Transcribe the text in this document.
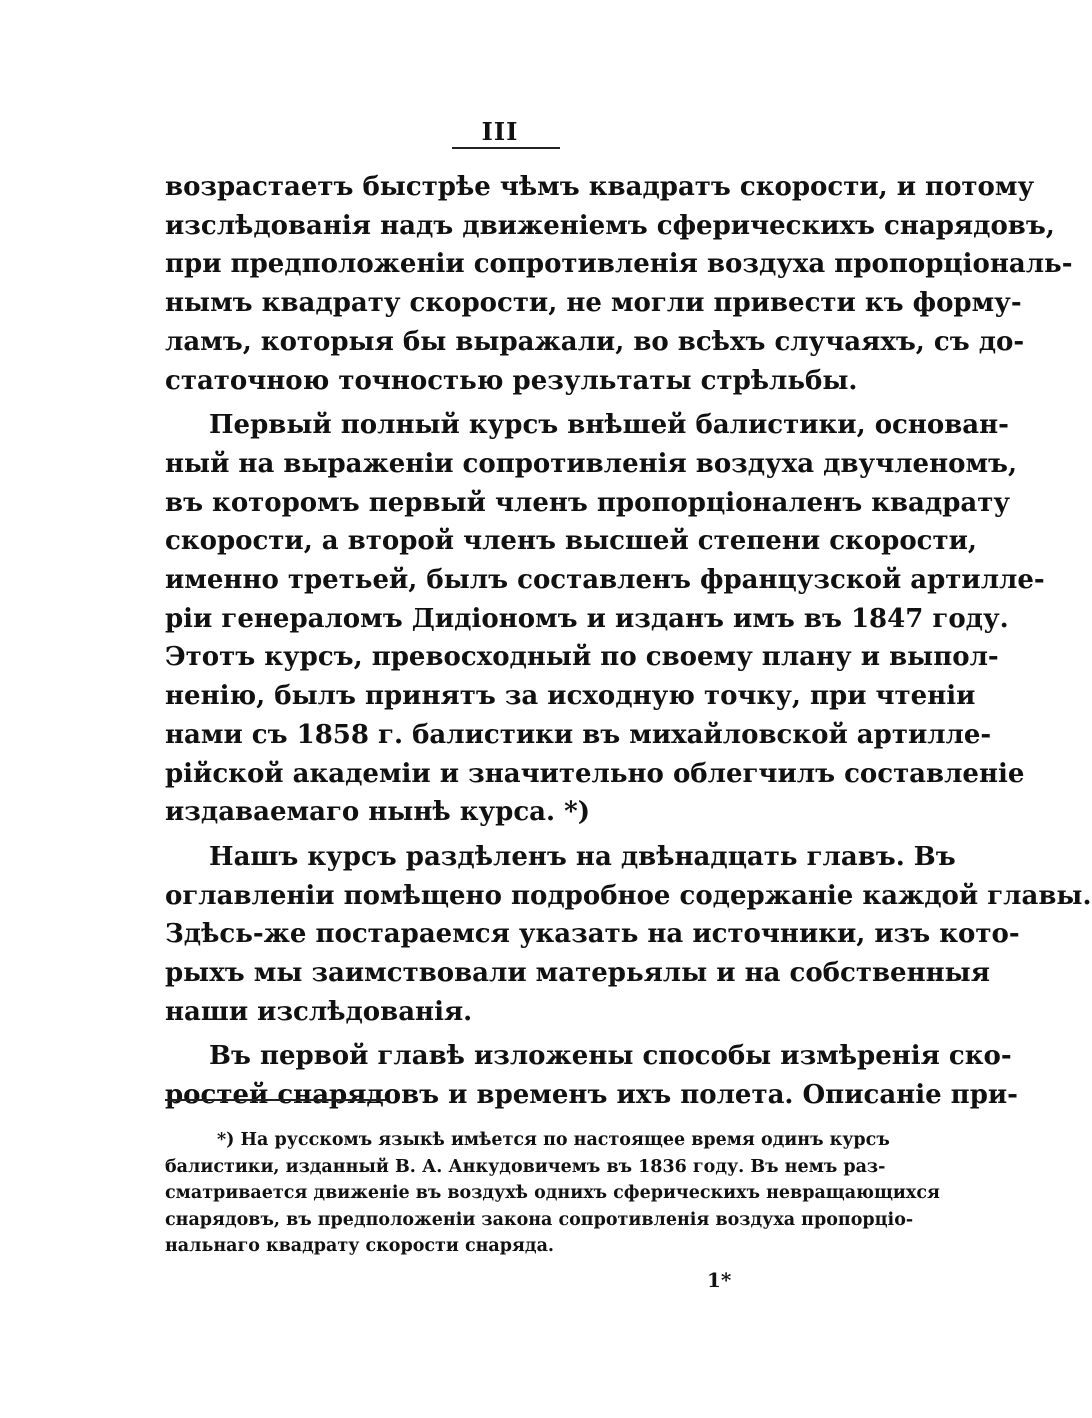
III
возрастаетъ быстрѣе чѣмъ квадратъ скорости, и потому
изслѣдованія надъ движеніемъ сферическихъ снарядовъ,
при предположеніи сопротивленія воздуха пропорціональ-
нымъ квадрату скорости, не могли привести къ форму-
ламъ, которыя бы выражали, во всѣхъ случаяхъ, съ до-
статочною точностью результаты стрѣльбы.
Первый полный курсъ внѣшей балистики, основан-
ный на выраженіи сопротивленія воздуха двучленомъ,
въ которомъ первый членъ пропорціоналенъ квадрату
скорости, а второй членъ высшей степени скорости,
именно третьей, былъ составленъ французской артилле-
ріи генераломъ Дидіономъ и изданъ имъ въ 1847 году.
Этотъ курсъ, превосходный по своему плану и выпол-
ненію, былъ принятъ за исходную точку, при чтеніи
нами съ 1858 г. балистики въ михайловской артилле-
рійской академіи и значительно облегчилъ составленіе
издаваемаго нынѣ курса. *)
Нашъ курсъ раздѣленъ на двѣнадцать главъ. Въ
оглавленіи помѣщено подробное содержаніе каждой главы.
Здѣсь-же постараемся указать на источники, изъ кото-
рыхъ мы заимствовали матерьялы и на собственныя
наши изслѣдованія.
Въ первой главѣ изложены способы измѣренія ско-
ростей снарядовъ и временъ ихъ полета. Описаніе при-
*) На русскомъ языкѣ имѣется по настоящее время одинъ курсъ
балистики, изданный В. А. Анкудовичемъ въ 1836 году. Въ немъ раз-
сматривается движеніе въ воздухѣ однихъ сферическихъ невращающихся
снарядовъ, въ предположеніи закона сопротивленія воздуха пропорціо-
нальнаго квадрату скорости снаряда.
1*
